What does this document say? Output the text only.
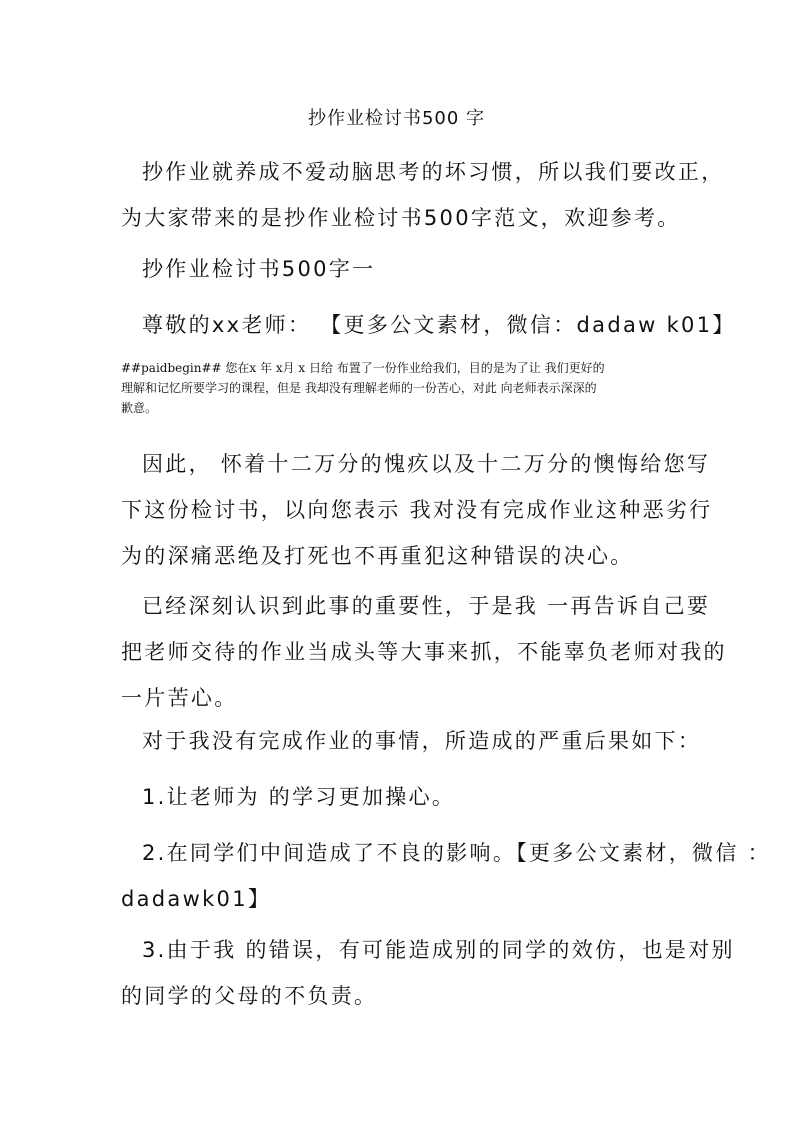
抄作业检讨书500 字
抄作业就养成不爱动脑思考的坏习惯，所以我们要改正，
为大家带来的是抄作业检讨书500字范文，欢迎参考。
抄作业检讨书500字一
尊敬的xx老师： 【更多公文素材，微信：dadaw k01】
##paidbegin## 您在x 年 x月 x 日给 布置了一份作业给我们，目的是为了让 我们更好的
理解和记忆所要学习的课程，但是 我却没有理解老师的一份苦心，对此 向老师表示深深的
歉意。
因此， 怀着十二万分的愧疚以及十二万分的懊悔给您写
下这份检讨书，以向您表示 我对没有完成作业这种恶劣行
为的深痛恶绝及打死也不再重犯这种错误的决心。
已经深刻认识到此事的重要性，于是我 一再告诉自己要
把老师交待的作业当成头等大事来抓，不能辜负老师对我的
一片苦心。
对于我没有完成作业的事情，所造成的严重后果如下：
1.让老师为 的学习更加操心。
2.在同学们中间造成了不良的影响。【更多公文素材，微信 ：
dadawk01】
3.由于我 的错误，有可能造成别的同学的效仿，也是对别
的同学的父母的不负责。
